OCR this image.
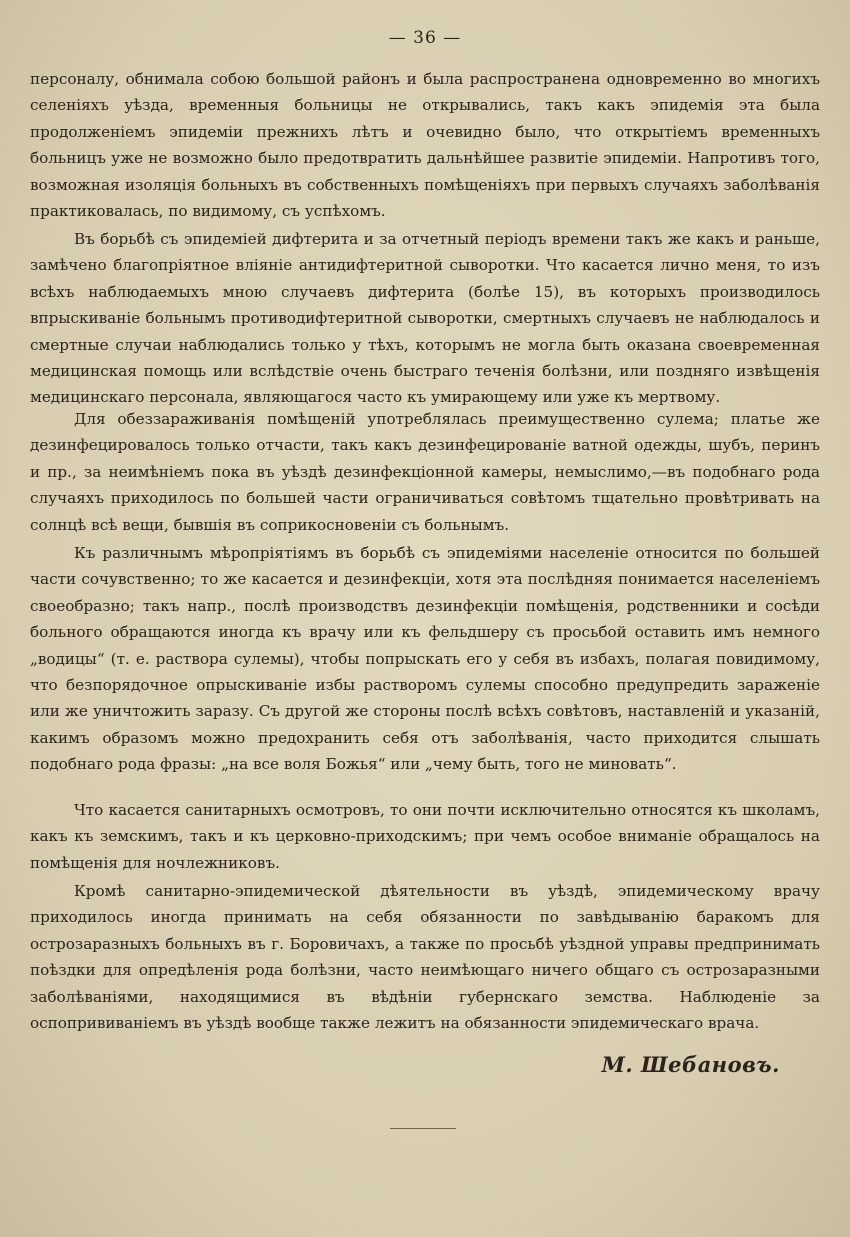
— 36 —

персоналу, обнимала собою большой районъ и была распространена одновременно во многихъ селеніяхъ уѣзда, временныя больницы не открывались, такъ какъ эпидемія эта была продолженіемъ эпидеміи прежнихъ лѣтъ и очевидно было, что открытіемъ временныхъ больницъ уже не возможно было предотвратить дальнѣйшее развитіе эпидеміи. Напротивъ того, возможная изоляція больныхъ въ собственныхъ помѣщеніяхъ при первыхъ случаяхъ заболѣванія практиковалась, по видимому, съ успѣхомъ.

Въ борьбѣ съ эпидеміей дифтерита и за отчетный періодъ времени такъ же какъ и раньше, замѣчено благопріятное вліяніе антидифтеритной сыворотки. Что касается лично меня, то изъ всѣхъ наблюдаемыхъ мною случаевъ дифтерита (болѣе 15), въ которыхъ производилось впрыскиваніе больнымъ противодифтеритной сыворотки, смертныхъ случаевъ не наблюдалось и смертные случаи наблюдались только у тѣхъ, которымъ не могла быть оказана своевременная медицинская помощь или вслѣдствіе очень быстраго теченія болѣзни, или поздняго извѣщенія медицинскаго персонала, являющагося часто къ умирающему или уже къ мертвому.

Для обеззараживанія помѣщеній употреблялась преимущественно сулема; платье же дезинфецировалось только отчасти, такъ какъ дезинфецированіе ватной одежды, шубъ, перинъ и пр., за неимѣніемъ пока въ уѣздѣ дезинфекціонной камеры, немыслимо,—въ подобнаго рода случаяхъ приходилось по большей части ограничиваться совѣтомъ тщательно провѣтривать на солнцѣ всѣ вещи, бывшія въ соприкосновеніи съ больнымъ.

Къ различнымъ мѣропріятіямъ въ борьбѣ съ эпидеміями населеніе относится по большей части сочувственно; то же касается и дезинфекціи, хотя эта послѣдняя понимается населеніемъ своеобразно; такъ напр., послѣ производствъ дезинфекціи помѣщенія, родственники и сосѣди больного обращаются иногда къ врачу или къ фельдшеру съ просьбой оставить имъ немного „водицы“ (т. е. раствора сулемы), чтобы попрыскать его у себя въ избахъ, полагая повидимому, что безпорядочное опрыскиваніе избы растворомъ сулемы способно предупредить зараженіе или же уничтожить заразу. Съ другой же стороны послѣ всѣхъ совѣтовъ, наставленій и указаній, какимъ образомъ можно предохранить себя отъ заболѣванія, часто приходится слышать подобнаго рода фразы: „на все воля Божья“ или „чему быть, того не миновать“.

Что касается санитарныхъ осмотровъ, то они почти исключительно относятся къ школамъ, какъ къ земскимъ, такъ и къ церковно-приходскимъ; при чемъ особое вниманіе обращалось на помѣщенія для ночлежниковъ.

Кромѣ санитарно-эпидемической дѣятельности въ уѣздѣ, эпидемическому врачу приходилось иногда принимать на себя обязанности по завѣдыванію баракомъ для острозаразныхъ больныхъ въ г. Боровичахъ, а также по просьбѣ уѣздной управы предпринимать поѣздки для опредѣленія рода болѣзни, часто неимѣющаго ничего общаго съ острозаразными заболѣваніями, находящимися въ вѣдѣніи губернскаго земства. Наблюденіе за оспопрививаніемъ въ уѣздѣ вообще также лежитъ на обязанности эпидемическаго врача.

М. Шебановъ.
